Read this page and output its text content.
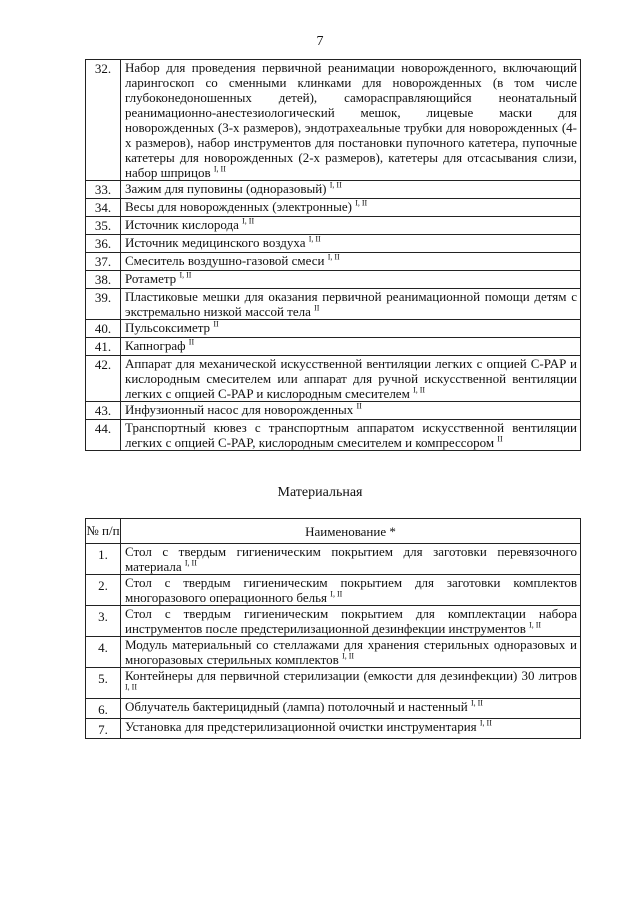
7
32.	Набор для проведения первичной реанимации новорожденного, включающий ларингоскоп со сменными клинками для новорожденных (в том числе глубоконедоношенных детей), саморасправляющийся неонатальный реанимационно-анестезиологический мешок, лицевые маски для новорожденных (3-х размеров), эндотрахеальные трубки для новорожденных (4-х размеров), набор инструментов для постановки пупочного катетера, пупочные катетеры для новорожденных (2-х размеров), катетеры для отсасывания слизи, набор шприцов $^{I, II}$
33.	Зажим для пуповины (одноразовый) $^{I, II}$
34.	Весы для новорожденных (электронные) $^{I, II}$
35.	Источник кислорода $^{I, II}$
36.	Источник медицинского воздуха $^{I, II}$
37.	Смеситель воздушно-газовой смеси $^{I, II}$
38.	Ротаметр $^{I, II}$
39.	Пластиковые мешки для оказания первичной реанимационной помощи детям с экстремально низкой массой тела $^{II}$
40.	Пульсоксиметр $^{II}$
41.	Капнограф $^{II}$
42.	Аппарат для механической искусственной вентиляции легких с опцией C-PAP и кислородным смесителем или аппарат для ручной искусственной вентиляции легких с опцией C-PAP и кислородным смесителем $^{I, II}$
43.	Инфузионный насос для новорожденных $^{II}$
44.	Транспортный кювез с транспортным аппаратом искусственной вентиляции легких с опцией C-PAP, кислородным смесителем и компрессором $^{II}$
Материальная
№ п/п	Наименование *
1.	Стол с твердым гигиеническим покрытием для заготовки перевязочного материала $^{I, II}$
2.	Стол с твердым гигиеническим покрытием для заготовки комплектов многоразового операционного белья $^{I, II}$
3.	Стол с твердым гигиеническим покрытием для комплектации набора инструментов после предстерилизационной дезинфекции инструментов $^{I, II}$
4.	Модуль материальный со стеллажами для хранения стерильных одноразовых и многоразовых стерильных комплектов $^{I, II}$
5.	Контейнеры для первичной стерилизации (емкости для дезинфекции) 30 литров $^{I, II}$
6.	Облучатель бактерицидный (лампа) потолочный и настенный $^{I, II}$
7.	Установка для предстерилизационной очистки инструментария $^{I, II}$
